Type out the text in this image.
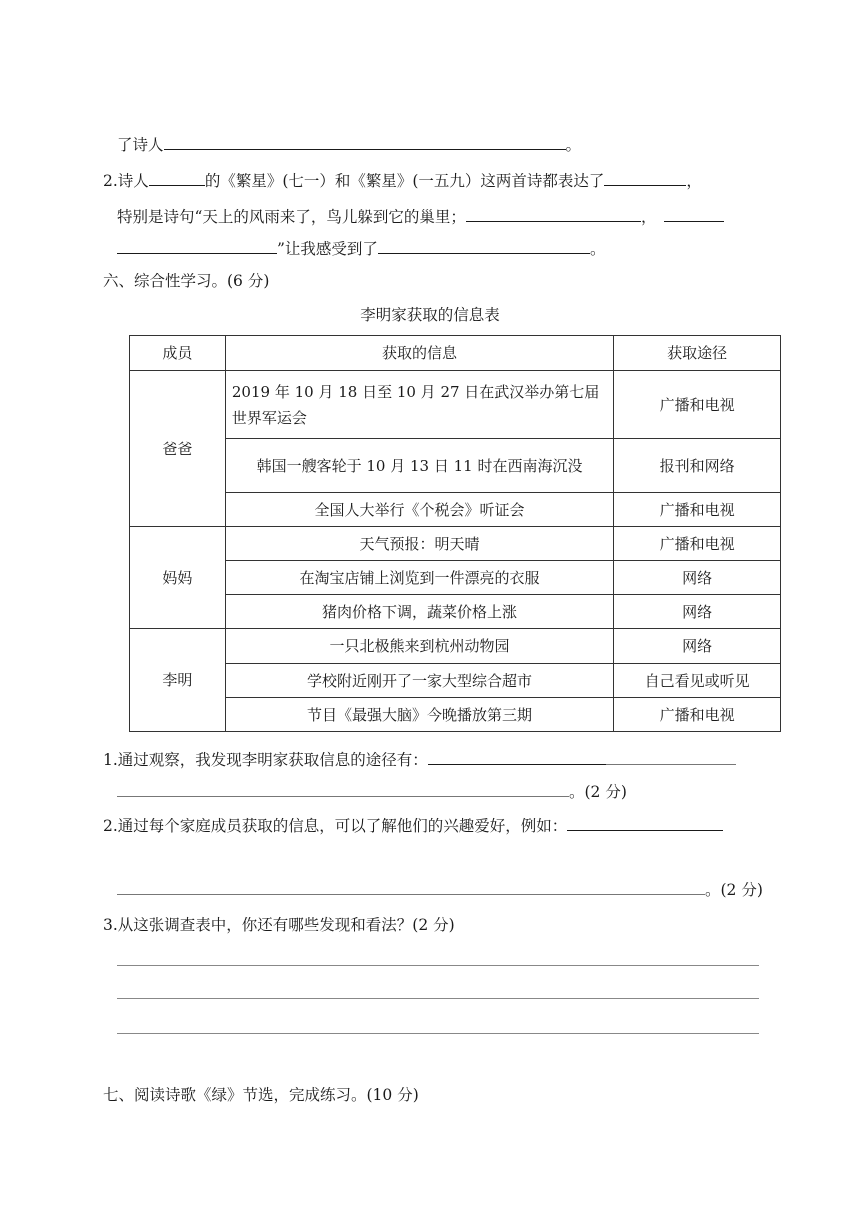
了诗人	。
2.诗人	的《繁星》(七一）和《繁星》(一五九）这两首诗都表达了	，
特别是诗句“天上的风雨来了，鸟儿躲到它的巢里；	，
”让我感受到了	。
六、综合性学习。(6 分)
李明家获取的信息表
成员	获取的信息	获取途径
爸爸	2019 年 10 月 18 日至 10 月 27 日在武汉举办第七届世界军运会	广播和电视
	韩国一艘客轮于 10 月 13 日 11 时在西南海沉没	报刊和网络
	全国人大举行《个税会》听证会	广播和电视
妈妈	天气预报：明天晴	广播和电视
	在淘宝店铺上浏览到一件漂亮的衣服	网络
	猪肉价格下调，蔬菜价格上涨	网络
李明	一只北极熊来到杭州动物园	网络
	学校附近刚开了一家大型综合超市	自己看见或听见
	节目《最强大脑》今晚播放第三期	广播和电视
1.通过观察，我发现李明家获取信息的途径有：
。(2 分)
2.通过每个家庭成员获取的信息，可以了解他们的兴趣爱好，例如：
。(2 分)
3.从这张调查表中，你还有哪些发现和看法？(2 分)
七、阅读诗歌《绿》节选，完成练习。(10 分)
